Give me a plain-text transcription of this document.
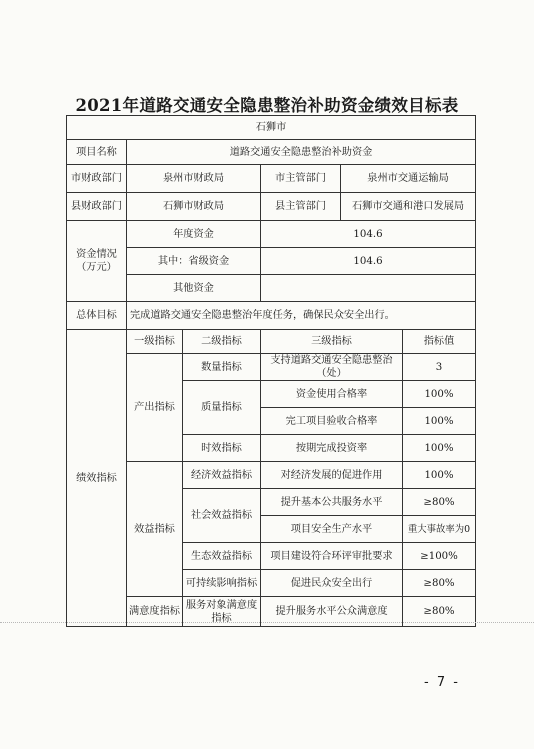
2021年道路交通安全隐患整治补助资金绩效目标表
石狮市					
项目名称	道路交通安全隐患整治补助资金				
市财政部门	泉州市财政局		市主管部门	泉州市交通运输局	
县财政部门	石狮市财政局		县主管部门	石狮市交通和港口发展局	
资金情况
（万元）	年度资金		104.6		
	其中：省级资金		104.6		
	其他资金				
总体目标	完成道路交通安全隐患整治年度任务，确保民众安全出行。				
绩效指标	一级指标	二级指标	三级指标		指标值
	产出指标	数量指标	支持道路交通安全隐患整治（处）		3
		质量指标	资金使用合格率		100%
			完工项目验收合格率		100%
		时效指标	按期完成投资率		100%
	效益指标	经济效益指标	对经济发展的促进作用		100%
		社会效益指标	提升基本公共服务水平		≥80%
			项目安全生产水平		重大事故率为0
		生态效益指标	项目建设符合环评审批要求		≥100%
		可持续影响指标	促进民众安全出行		≥80%
	满意度指标	服务对象满意度指标	提升服务水平公众满意度		≥80%
- 7 -
